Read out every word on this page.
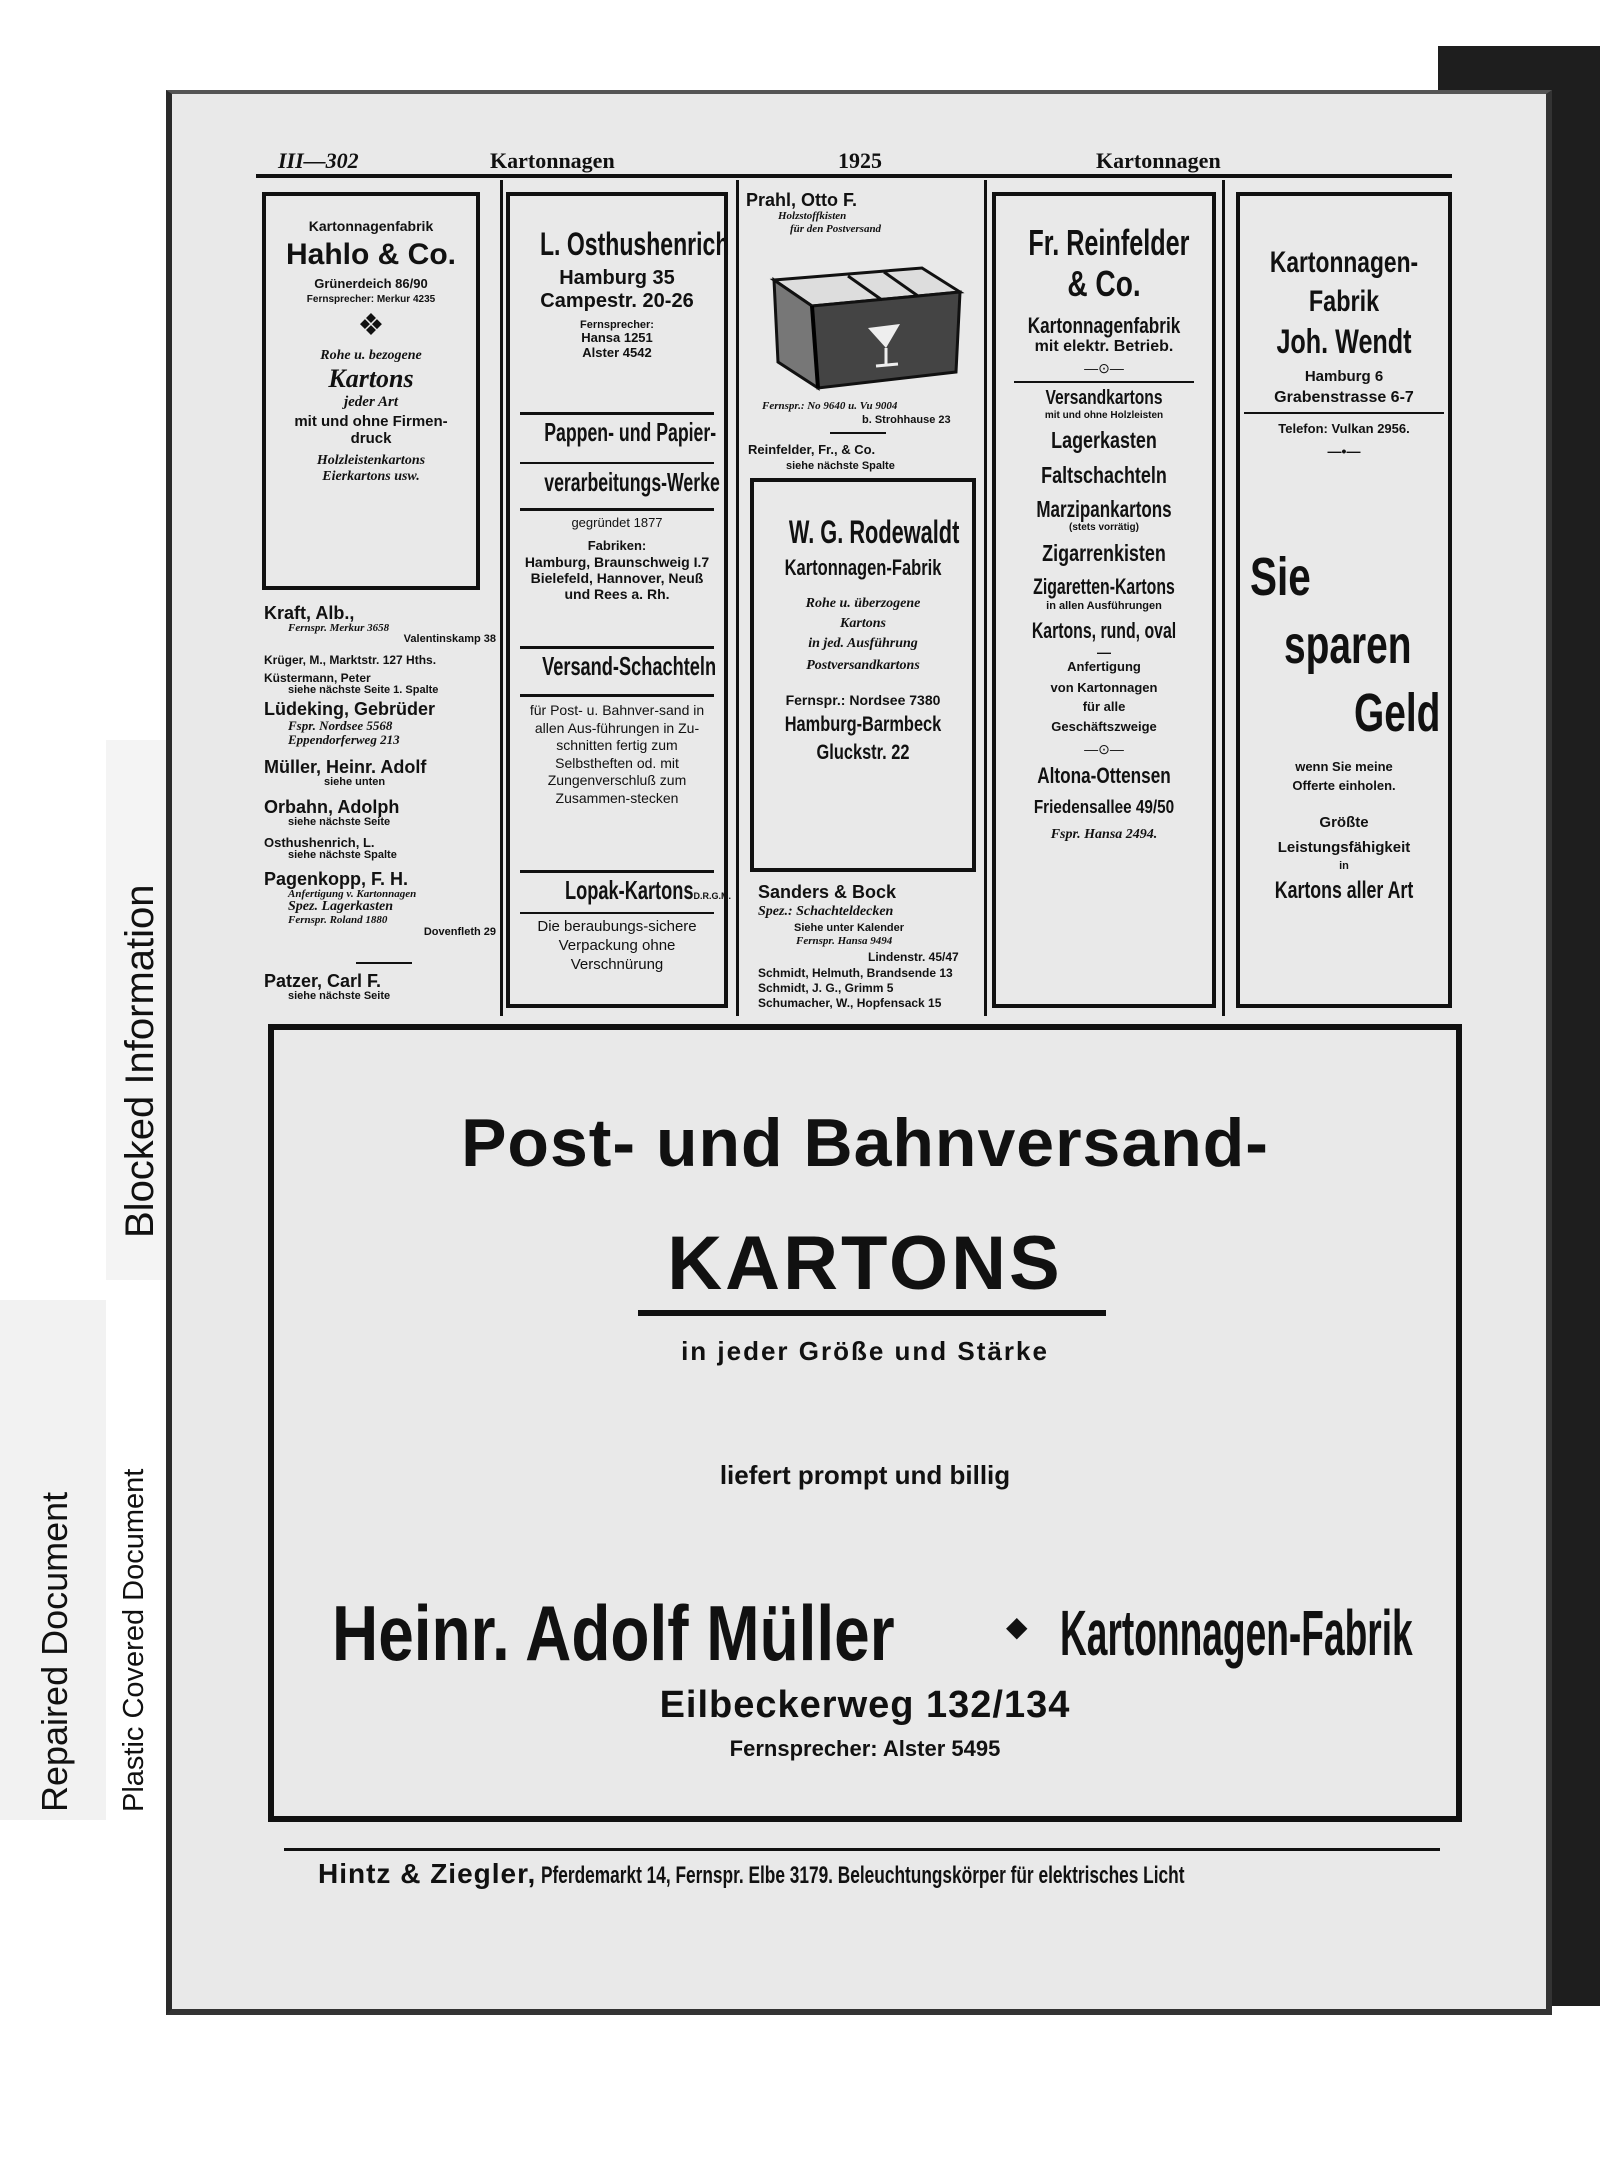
Repaired Document Plastic Covered Document
Blocked Information
III—302	Kartonnagen	1925	Kartonnagen
Kartonnagenfabrik
Hahlo & Co.
Grünerdeich 86/90
Fernsprecher: Merkur 4235
❖
Rohe u. bezogene
Kartons
jeder Art
mit und ohne Firmen-druck
Holzleistenkartons
Eierkartons usw.
Kraft, Alb.,
Fernspr. Merkur 3658
Valentinskamp 38
Krüger, M., Marktstr. 127 Hths.
Küstermann, Peter
siehe nächste Seite 1. Spalte
Lüdeking, Gebrüder
Fspr. Nordsee 5568
Eppendorferweg 213
Müller, Heinr. Adolf
siehe unten
Orbahn, Adolph
siehe nächste Seite
Osthushenrich, L.
siehe nächste Spalte
Pagenkopp, F. H.
Anfertigung v. Kartonnagen
Spez. Lagerkasten
Fernspr. Roland 1880
Dovenfleth 29
Patzer, Carl F.
siehe nächste Seite
L. Osthushenrich
Hamburg 35
Campestr. 20-26
Fernsprecher:
Hansa 1251
Alster 4542
Pappen- und Papier-
verarbeitungs-Werke
gegründet 1877
Fabriken:
Hamburg, Braunschweig I.7
Bielefeld, Hannover, Neuß
und Rees a. Rh.
Versand-Schachteln
für Post- u. Bahnver-sand in allen Aus-führungen in Zu-schnitten fertig zum Selbstheften od. mit Zungenverschluß zum Zusammen-stecken
Lopak-KartonsD.R.G.M.
Die beraubungs-sichere Verpackung ohne Verschnürung
Prahl, Otto F.
Holzstoffkisten
für den Postversand
Fernspr.: No 9640 u. Vu 9004
b. Strohhause 23
Reinfelder, Fr., & Co.
siehe nächste Spalte
W. G. Rodewaldt
Kartonnagen-Fabrik
Rohe u. überzogene
Kartons
in jed. Ausführung
Postversandkartons
Fernspr.: Nordsee 7380
Hamburg-Barmbeck
Gluckstr. 22
Sanders & Bock
Spez.: Schachteldecken
Siehe unter Kalender
Fernspr. Hansa 9494
Lindenstr. 45/47
Schmidt, Helmuth, Brandsende 13
Schmidt, J. G., Grimm 5
Schumacher, W., Hopfensack 15
Fr. Reinfelder
& Co.
Kartonnagenfabrik
mit elektr. Betrieb.
—⊙—
Versandkartons
mit und ohne Holzleisten
Lagerkasten
Faltschachteln
Marzipankartons
(stets vorrätig)
Zigarrenkisten
Zigaretten-Kartons
in allen Ausführungen
Kartons, rund, oval
—
Anfertigung
von Kartonnagen
für alle
Geschäftszweige
—⊙—
Altona-Ottensen
Friedensallee 49/50
Fspr. Hansa 2494.
Kartonnagen-
Fabrik
Joh. Wendt
Hamburg 6
Grabenstrasse 6-7
Telefon: Vulkan 2956.
—•—
Sie
sparen
Geld
wenn Sie meine
Offerte einholen.
Größte
Leistungsfähigkeit
in
Kartons aller Art
Post- und Bahnversand-
KARTONS
in jeder Größe und Stärke
liefert prompt und billig
Heinr. Adolf Müller	◆ Kartonnagen-Fabrik
Eilbeckerweg 132/134
Fernsprecher: Alster 5495
Hintz & Ziegler, Pferdemarkt 14, Fernspr. Elbe 3179. Beleuchtungskörper für elektrisches Licht
